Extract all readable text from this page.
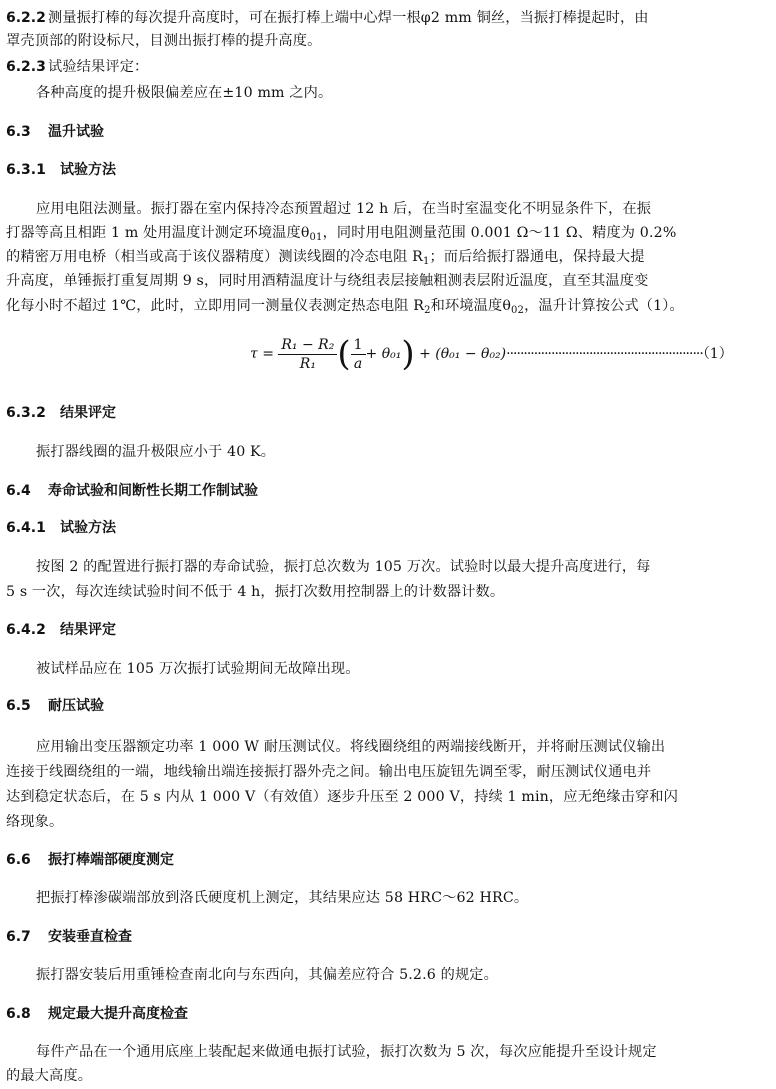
6.2.2 测量振打棒的每次提升高度时，可在振打棒上端中心焊一根φ2 mm 铜丝，当振打棒提起时，由
罩壳顶部的附设标尺，目测出振打棒的提升高度。
6.2.3 试验结果评定：
各种高度的提升极限偏差应在±10 mm 之内。
6.3 温升试验
6.3.1 试验方法
应用电阻法测量。振打器在室内保持冷态预置超过 12 h 后，在当时室温变化不明显条件下，在振
打器等高且相距 1 m 处用温度计测定环境温度$\theta_{01}$，同时用电阻测量范围 0.001 Ω～11 Ω、精度为 0.2%
的精密万用电桥（相当或高于该仪器精度）测读线圈的冷态电阻 $R_1$；而后给振打器通电，保持最大提
升高度，单锤振打重复周期 9 s，同时用酒精温度计与绕组表层接触粗测表层附近温度，直至其温度变
化每小时不超过 1℃，此时，立即用同一测量仪表测定热态电阻 $R_2$和环境温度$\theta_{02}$，温升计算按公式（1）。
$\tau = \frac{\text{R₁ − R₂}}{\text{R₁}}$ ( $\frac{1}{a} + \theta_{01}) + (\theta_{01} - \theta_{02})\cdot\cdot\cdot\cdot\cdot\cdot\cdot\cdot\cdot\cdot\cdot\cdot\cdot\cdot\cdot\cdot\cdot\cdot\cdot\cdot\cdot\cdot\cdot\cdot\cdot\cdot\cdot\cdot\cdot\cdot\cdot\cdot\cdot\cdot\cdot\cdot\cdot\cdot\cdot\cdot\cdot\cdot\cdot\cdot\cdot\cdot\cdot\cdot\cdot\cdot\cdot\cdot\cdot\cdot\cdot\cdot\cdot(1)$
6.3.2 结果评定
振打器线圈的温升极限应小于 40 K。
6.4 寿命试验和间断性长期工作制试验
6.4.1 试验方法
按图 2 的配置进行振打器的寿命试验，振打总次数为 105 万次。试验时以最大提升高度进行，每
5 s 一次，每次连续试验时间不低于 4 h，振打次数用控制器上的计数器计数。
6.4.2 结果评定
被试样品应在 105 万次振打试验期间无故障出现。
6.5 耐压试验
应用输出变压器额定功率 1 000 W 耐压测试仪。将线圈绕组的两端接线断开，并将耐压测试仪输出
连接于线圈绕组的一端，地线输出端连接振打器外壳之间。输出电压旋钮先调至零，耐压测试仪通电并
达到稳定状态后，在 5 s 内从 1 000 V（有效值）逐步升压至 2 000 V，持续 1 min，应无绝缘击穿和闪
络现象。
6.6 振打棒端部硬度测定
把振打棒渗碳端部放到洛氏硬度机上测定，其结果应达 58 HRC～62 HRC。
6.7 安装垂直检查
振打器安装后用重锤检查南北向与东西向，其偏差应符合 5.2.6 的规定。
6.8 规定最大提升高度检查
每件产品在一个通用底座上装配起来做通电振打试验，振打次数为 5 次，每次应能提升至设计规定
的最大高度。
